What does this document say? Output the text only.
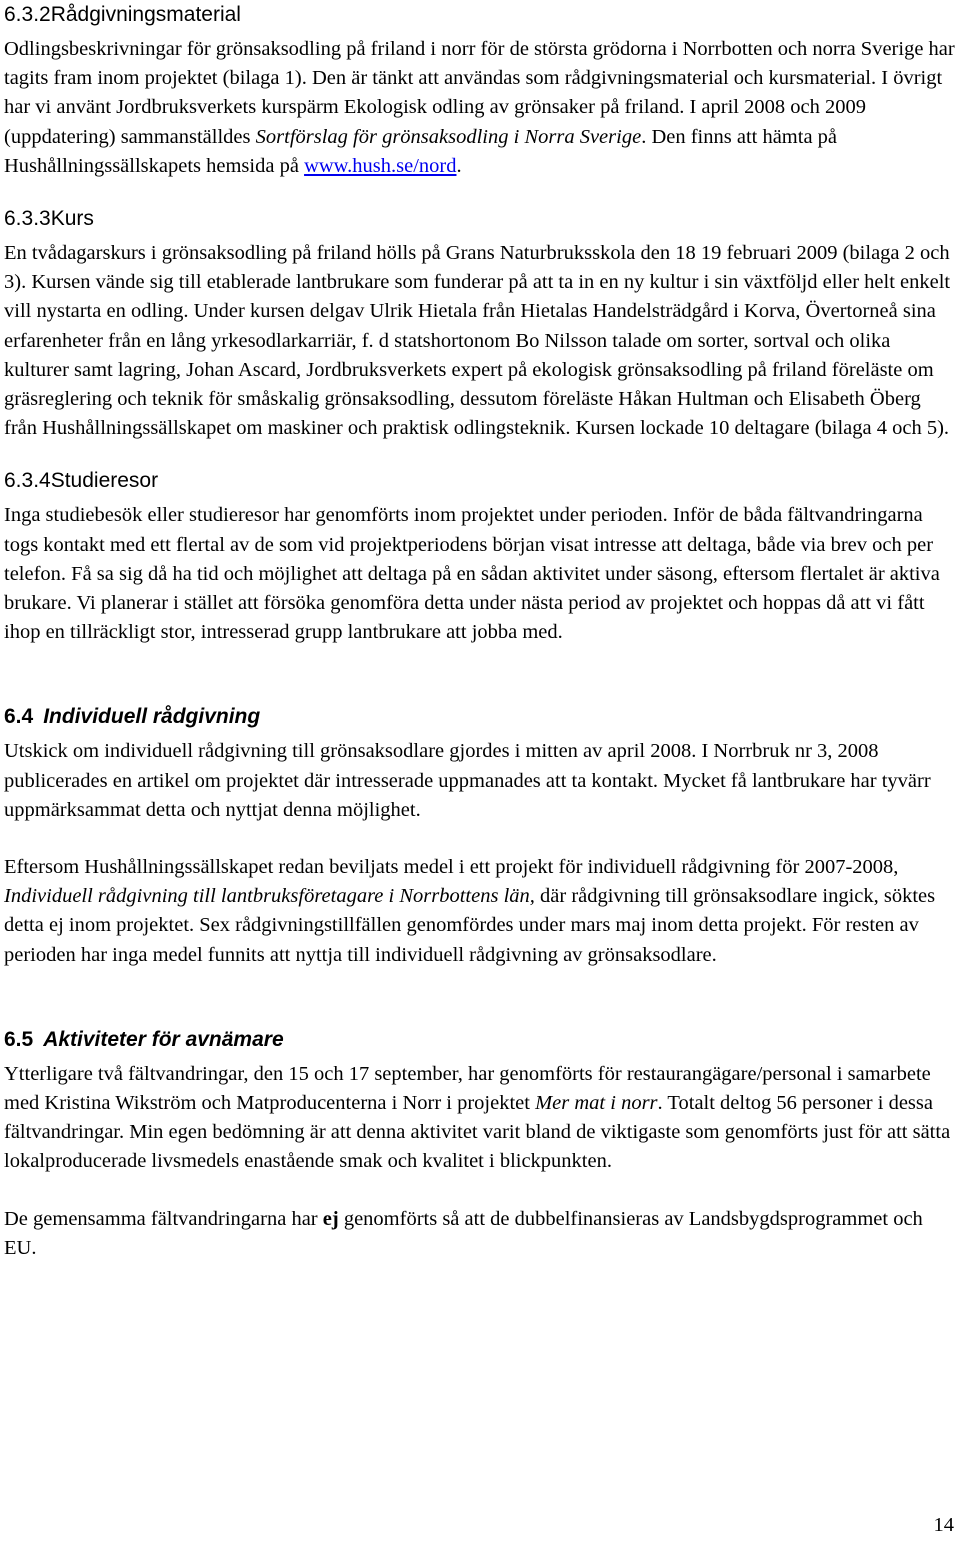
6.3.2Rådgivningsmaterial

Odlingsbeskrivningar för grönsaksodling på friland i norr för de största grödorna i Norrbotten och norra Sverige har tagits fram inom projektet (bilaga 1). Den är tänkt att användas som rådgivningsmaterial och kursmaterial. I övrigt har vi använt Jordbruksverkets kurspärm Ekologisk odling av grönsaker på friland. I april 2008 och 2009 (uppdatering) sammanställdes Sortförslag för grönsaksodling i Norra Sverige. Den finns att hämta på Hushållningssällskapets hemsida på www.hush.se/nord.

6.3.3Kurs

En tvådagarskurs i grönsaksodling på friland hölls på Grans Naturbruksskola den 18 19 februari 2009 (bilaga 2 och 3). Kursen vände sig till etablerade lantbrukare som funderar på att ta in en ny kultur i sin växtföljd eller helt enkelt vill nystarta en odling. Under kursen delgav Ulrik Hietala från Hietalas Handelsträdgård i Korva, Övertorneå sina erfarenheter från en lång yrkesodlarkarriär, f. d statshortonom Bo Nilsson talade om sorter, sortval och olika kulturer samt lagring, Johan Ascard, Jordbruksverkets expert på ekologisk grönsaksodling på friland föreläste om gräsreglering och teknik för småskalig grönsaksodling, dessutom föreläste Håkan Hultman och Elisabeth Öberg från Hushållningssällskapet om maskiner och praktisk odlingsteknik. Kursen lockade 10 deltagare (bilaga 4 och 5).

6.3.4Studieresor

Inga studiebesök eller studieresor har genomförts inom projektet under perioden. Inför de båda fältvandringarna togs kontakt med ett flertal av de som vid projektperiodens början visat intresse att deltaga, både via brev och per telefon. Få sa sig då ha tid och möjlighet att deltaga på en sådan aktivitet under säsong, eftersom flertalet är aktiva brukare. Vi planerar i stället att försöka genomföra detta under nästa period av projektet och hoppas då att vi fått ihop en tillräckligt stor, intresserad grupp lantbrukare att jobba med.

6.4 Individuell rådgivning

Utskick om individuell rådgivning till grönsaksodlare gjordes i mitten av april 2008. I Norrbruk nr 3, 2008 publicerades en artikel om projektet där intresserade uppmanades att ta kontakt. Mycket få lantbrukare har tyvärr uppmärksammat detta och nyttjat denna möjlighet.

Eftersom Hushållningssällskapet redan beviljats medel i ett projekt för individuell rådgivning för 2007-2008, Individuell rådgivning till lantbruksföretagare i Norrbottens län, där rådgivning till grönsaksodlare ingick, söktes detta ej inom projektet. Sex rådgivningstillfällen genomfördes under mars maj inom detta projekt. För resten av perioden har inga medel funnits att nyttja till individuell rådgivning av grönsaksodlare.

6.5 Aktiviteter för avnämare

Ytterligare två fältvandringar, den 15 och 17 september, har genomförts för restaurangägare/personal i samarbete med Kristina Wikström och Matproducenterna i Norr i projektet Mer mat i norr. Totalt deltog 56 personer i dessa fältvandringar. Min egen bedömning är att denna aktivitet varit bland de viktigaste som genomförts just för att sätta lokalproducerade livsmedels enastående smak och kvalitet i blickpunkten.

De gemensamma fältvandringarna har ej genomförts så att de dubbelfinansieras av Landsbygdsprogrammet och EU.

14
